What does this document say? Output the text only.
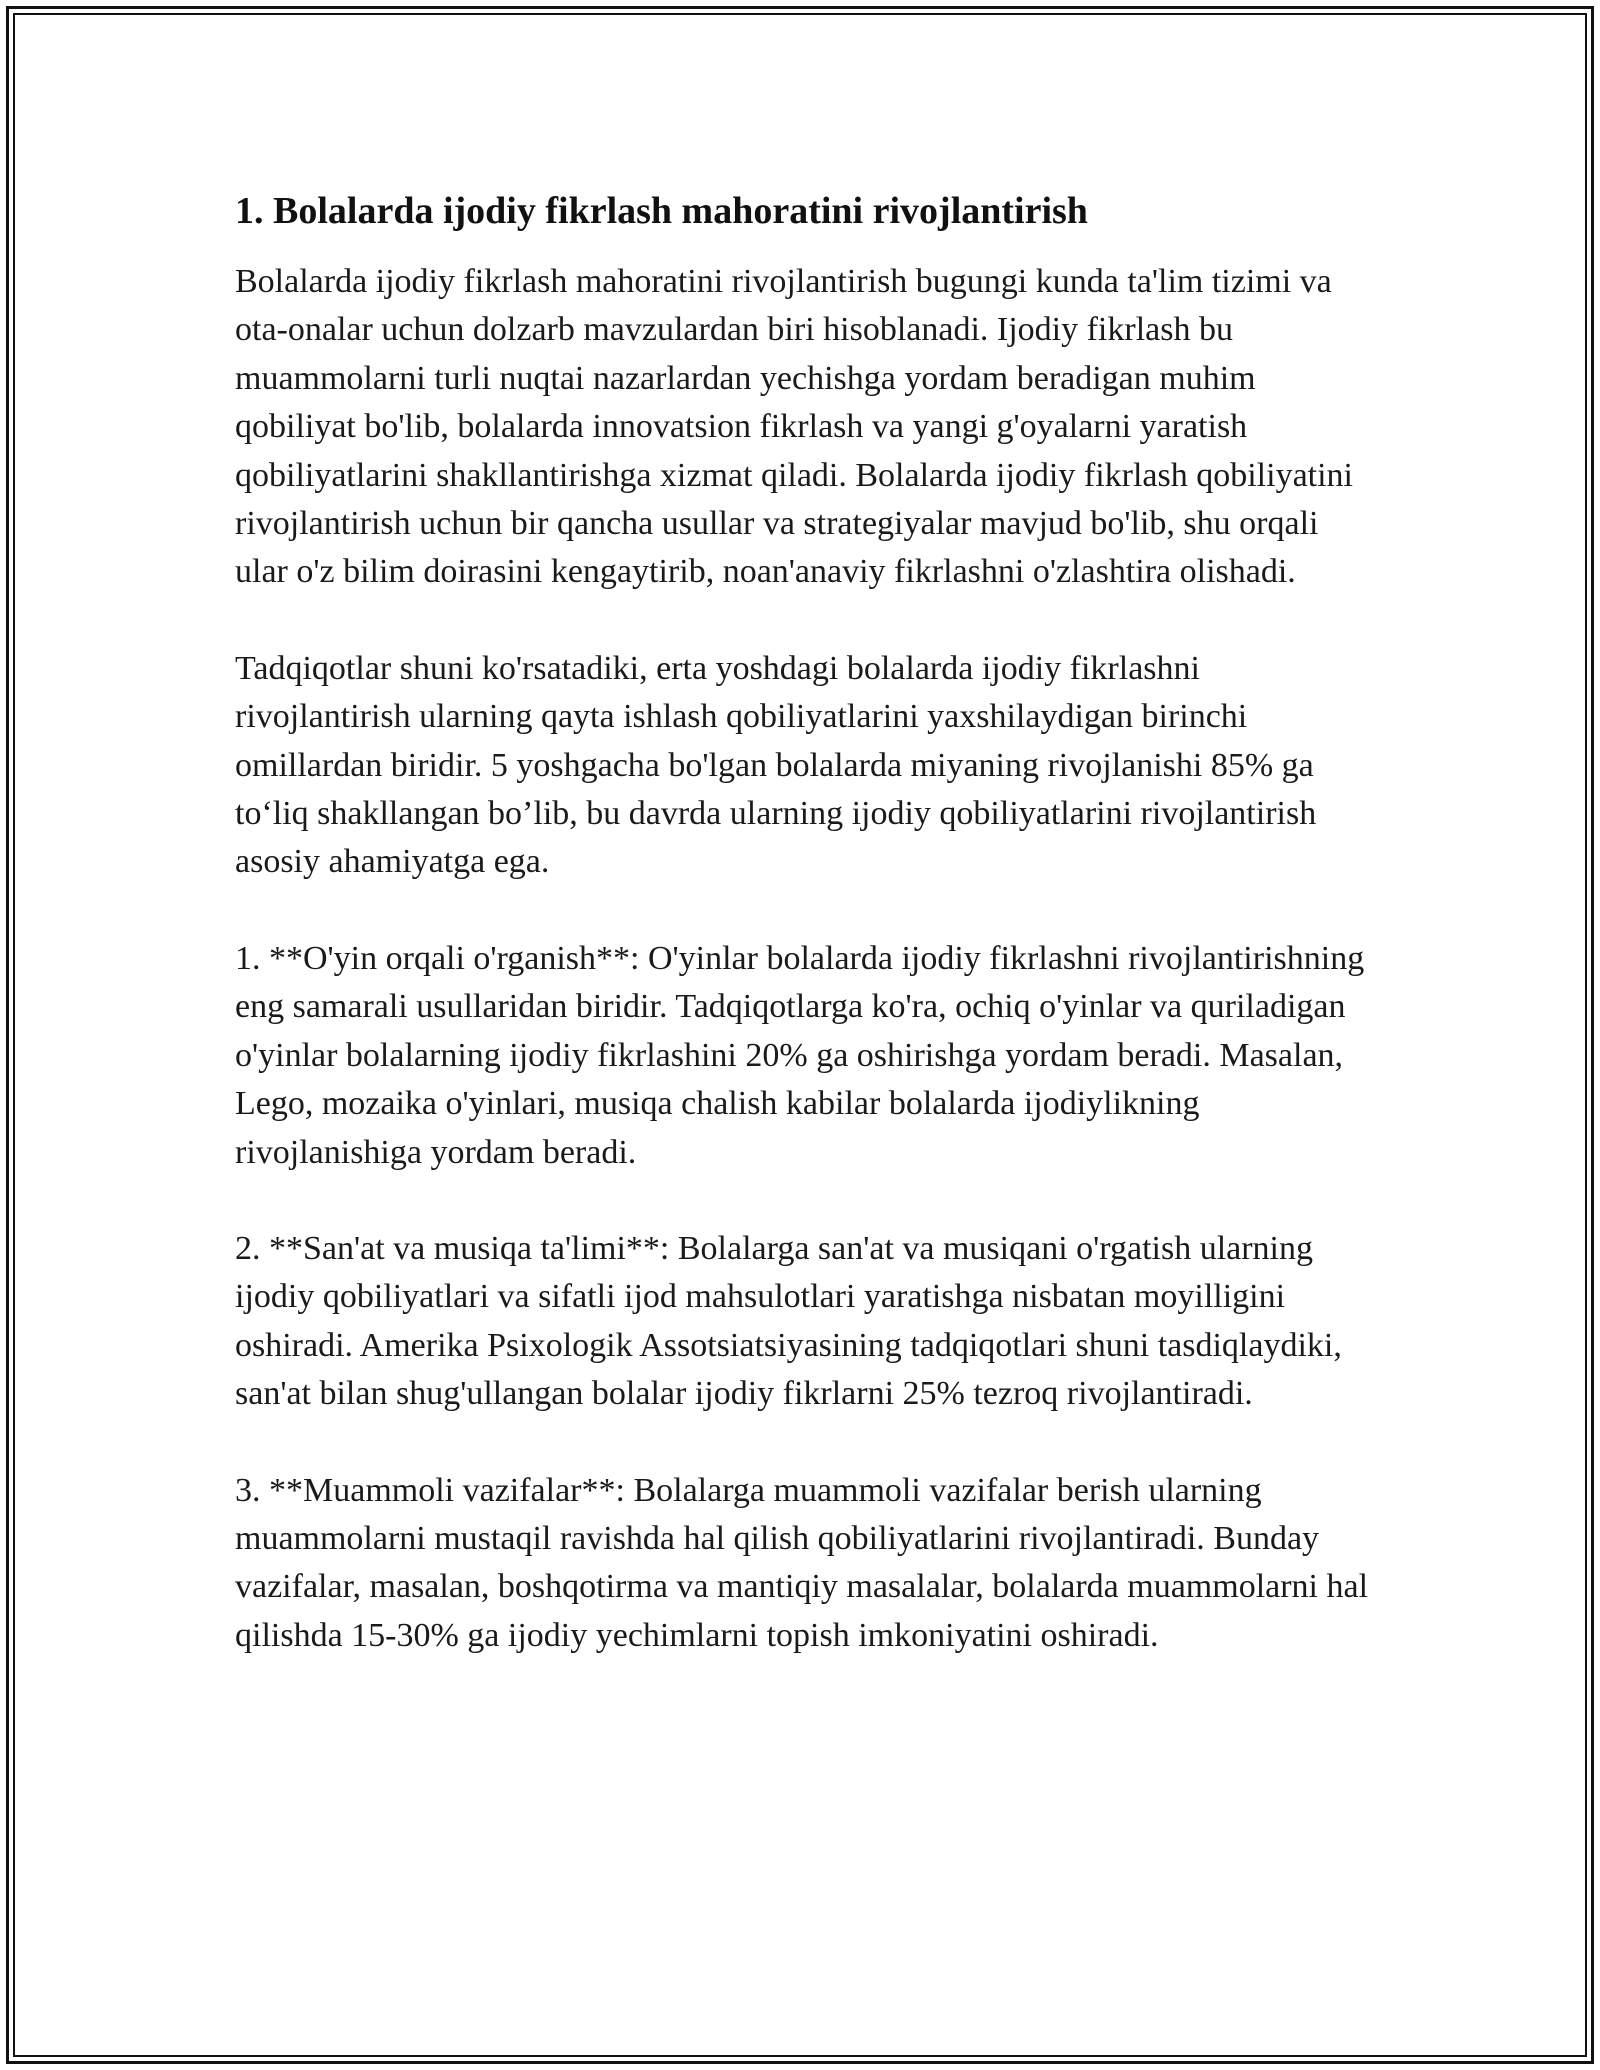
1. Bolalarda ijodiy fikrlash mahoratini rivojlantirish

Bolalarda ijodiy fikrlash mahoratini rivojlantirish bugungi kunda ta'lim tizimi va ota-onalar uchun dolzarb mavzulardan biri hisoblanadi. Ijodiy fikrlash bu muammolarni turli nuqtai nazarlardan yechishga yordam beradigan muhim qobiliyat bo'lib, bolalarda innovatsion fikrlash va yangi g'oyalarni yaratish qobiliyatlarini shakllantirishga xizmat qiladi. Bolalarda ijodiy fikrlash qobiliyatini rivojlantirish uchun bir qancha usullar va strategiyalar mavjud bo'lib, shu orqali ular o'z bilim doirasini kengaytirib, noan'anaviy fikrlashni o'zlashtira olishadi.

Tadqiqotlar shuni ko'rsatadiki, erta yoshdagi bolalarda ijodiy fikrlashni rivojlantirish ularning qayta ishlash qobiliyatlarini yaxshilaydigan birinchi omillardan biridir. 5 yoshgacha bo'lgan bolalarda miyaning rivojlanishi 85% ga to‘liq shakllangan bo’lib, bu davrda ularning ijodiy qobiliyatlarini rivojlantirish asosiy ahamiyatga ega.

1. **O'yin orqali o'rganish**: O'yinlar bolalarda ijodiy fikrlashni rivojlantirishning eng samarali usullaridan biridir. Tadqiqotlarga ko'ra, ochiq o'yinlar va quriladigan o'yinlar bolalarning ijodiy fikrlashini 20% ga oshirishga yordam beradi. Masalan, Lego, mozaika o'yinlari, musiqa chalish kabilar bolalarda ijodiylikning rivojlanishiga yordam beradi.

2. **San'at va musiqa ta'limi**: Bolalarga san'at va musiqani o'rgatish ularning ijodiy qobiliyatlari va sifatli ijod mahsulotlari yaratishga nisbatan moyilligini oshiradi. Amerika Psixologik Assotsiatsiyasining tadqiqotlari shuni tasdiqlaydiki, san'at bilan shug'ullangan bolalar ijodiy fikrlarni 25% tezroq rivojlantiradi.

3. **Muammoli vazifalar**: Bolalarga muammoli vazifalar berish ularning muammolarni mustaqil ravishda hal qilish qobiliyatlarini rivojlantiradi. Bunday vazifalar, masalan, boshqotirma va mantiqiy masalalar, bolalarda muammolarni hal qilishda 15-30% ga ijodiy yechimlarni topish imkoniyatini oshiradi.
